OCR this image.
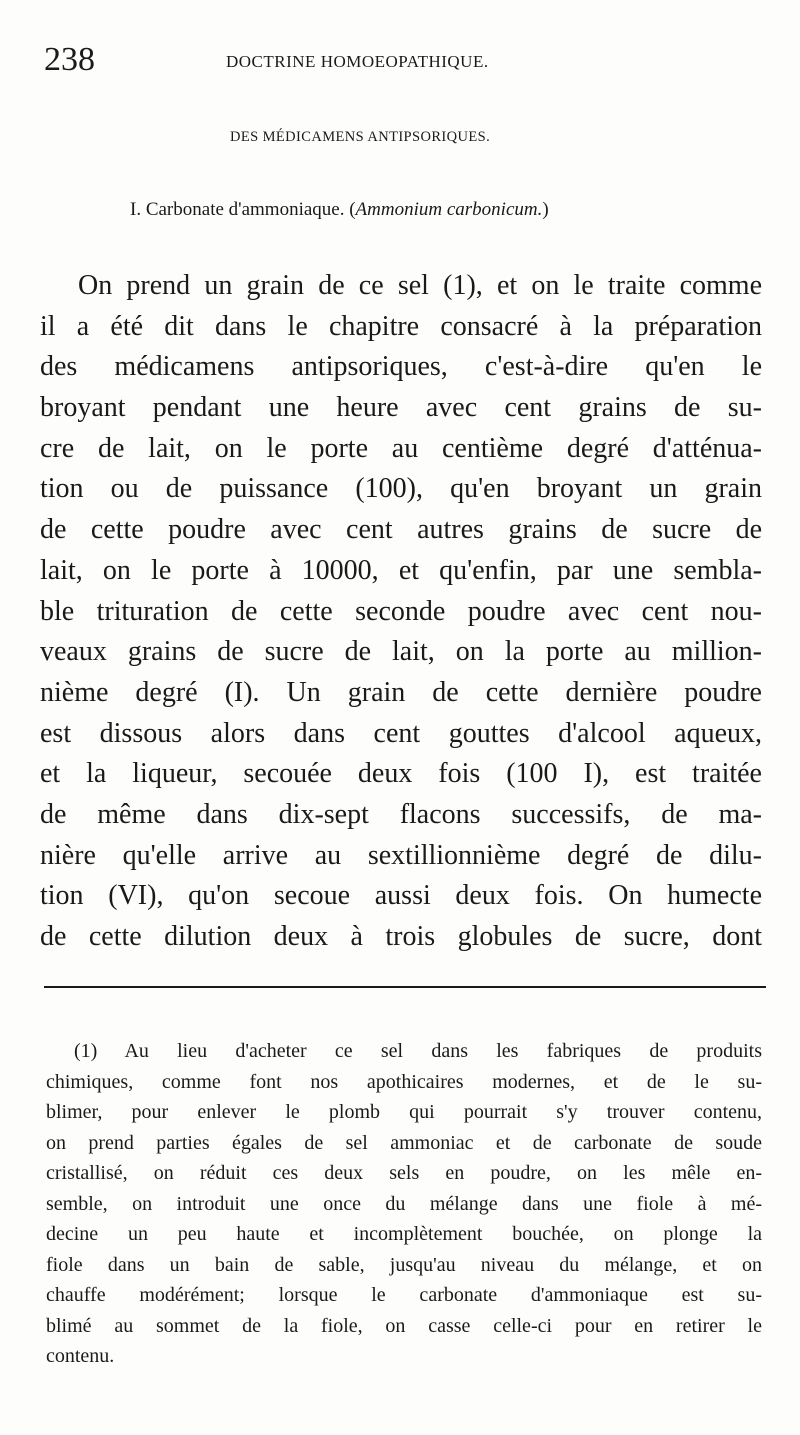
238	DOCTRINE HOMOEOPATHIQUE.
DES MÉDICAMENS ANTIPSORIQUES.
I. Carbonate d'ammoniaque. (Ammonium carbonicum.)
On prend un grain de ce sel (1), et on le traite comme
il a été dit dans le chapitre consacré à la préparation
des médicamens antipsoriques, c'est-à-dire qu'en le
broyant pendant une heure avec cent grains de su-
cre de lait, on le porte au centième degré d'atténua-
tion ou de puissance (100), qu'en broyant un grain
de cette poudre avec cent autres grains de sucre de
lait, on le porte à 10000, et qu'enfin, par une sembla-
ble trituration de cette seconde poudre avec cent nou-
veaux grains de sucre de lait, on la porte au million-
nième degré (I). Un grain de cette dernière poudre
est dissous alors dans cent gouttes d'alcool aqueux,
et la liqueur, secouée deux fois (100 I), est traitée
de même dans dix-sept flacons successifs, de ma-
nière qu'elle arrive au sextillionnième degré de dilu-
tion (VI), qu'on secoue aussi deux fois. On humecte
de cette dilution deux à trois globules de sucre, dont
(1) Au lieu d'acheter ce sel dans les fabriques de produits
chimiques, comme font nos apothicaires modernes, et de le su-
blimer, pour enlever le plomb qui pourrait s'y trouver contenu,
on prend parties égales de sel ammoniac et de carbonate de soude
cristallisé, on réduit ces deux sels en poudre, on les mêle en-
semble, on introduit une once du mélange dans une fiole à mé-
decine un peu haute et incomplètement bouchée, on plonge la
fiole dans un bain de sable, jusqu'au niveau du mélange, et on
chauffe modérément; lorsque le carbonate d'ammoniaque est su-
blimé au sommet de la fiole, on casse celle-ci pour en retirer le
contenu.
